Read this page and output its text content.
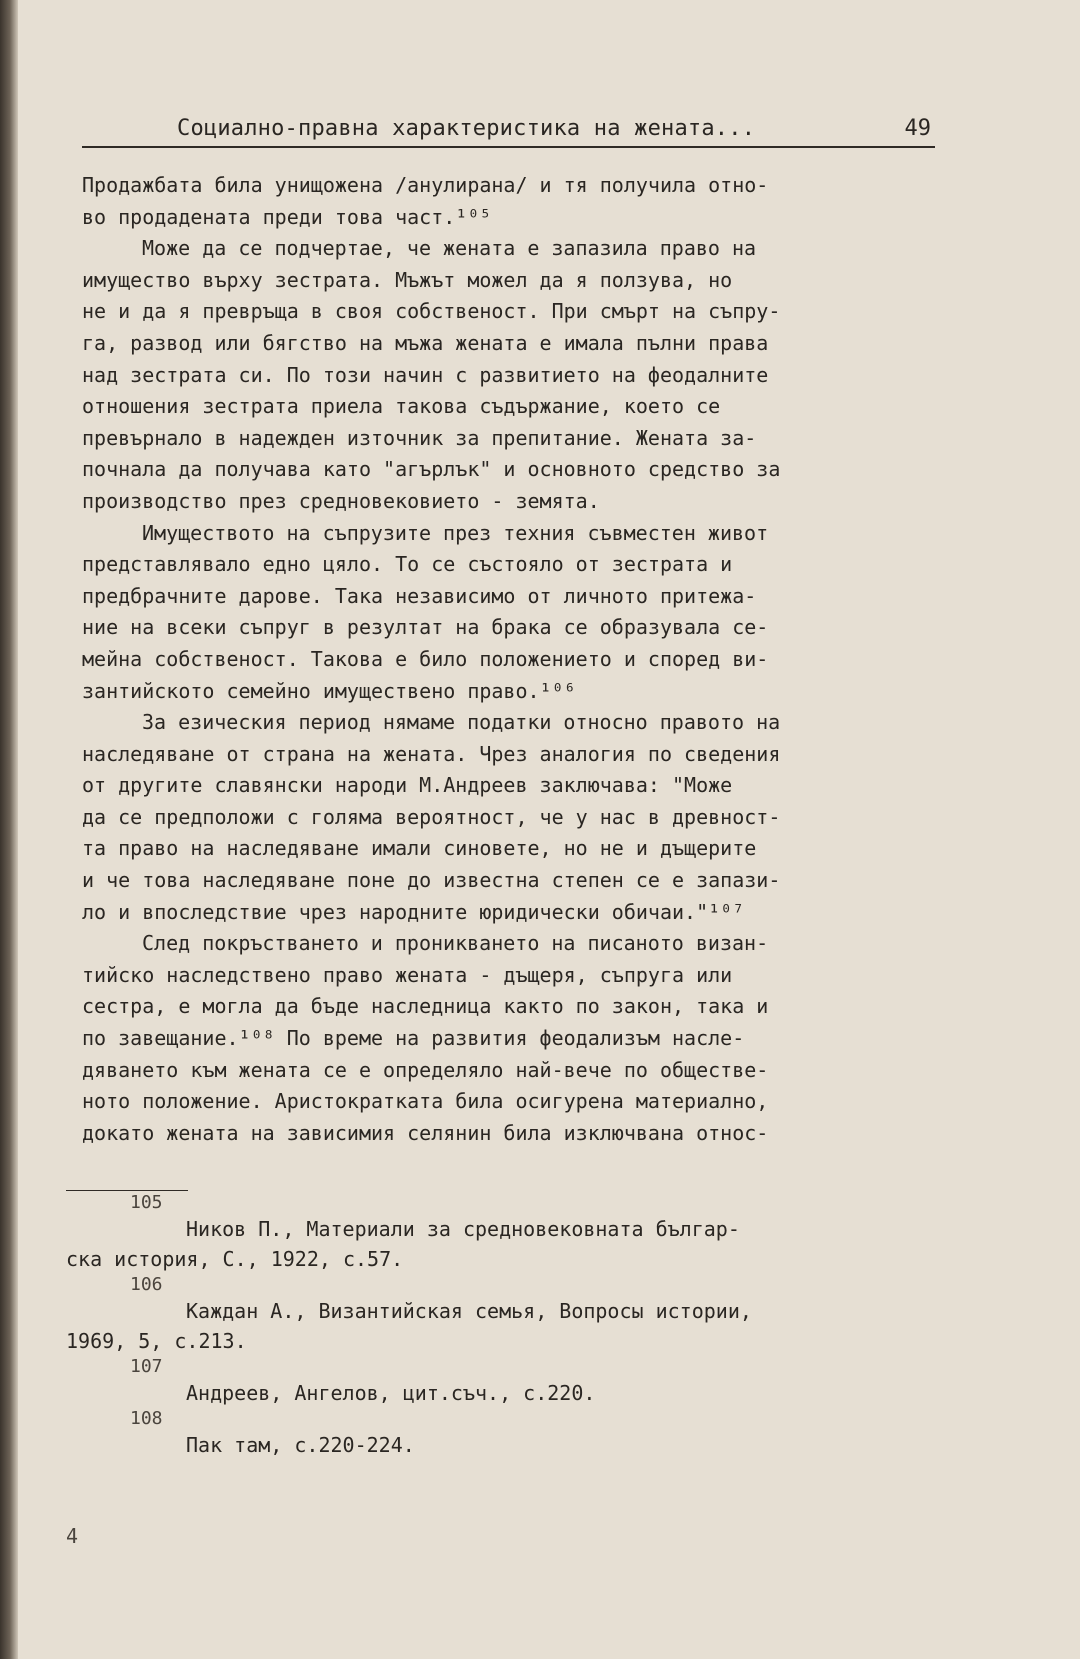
Социално-правна характеристика на жената...	49
Продажбата била унищожена /анулирана/ и тя получила отно-
во продадената преди това част.¹⁰⁵
Може да се подчертае, че жената е запазила право на
имущество върху зестрата. Мъжът можел да я ползува, но
не и да я превръща в своя собственост. При смърт на съпру-
га, развод или бягство на мъжа жената е имала пълни права
над зестрата си. По този начин с развитието на феодалните
отношения зестрата приела такова съдържание, което се
превърнало в надежден източник за препитание. Жената за-
почнала да получава като "агърлък" и основното средство за
производство през средновековието - земята.
Имуществото на съпрузите през техния съвместен живот
представлявало едно цяло. То се състояло от зестрата и
предбрачните дарове. Така независимо от личното притежа-
ние на всеки съпруг в резултат на брака се образувала се-
мейна собственост. Такова е било положението и според ви-
зантийското семейно имуществено право.¹⁰⁶
За езическия период нямаме податки относно правото на
наследяване от страна на жената. Чрез аналогия по сведения
от другите славянски народи М.Андреев заключава: "Може
да се предположи с голяма вероятност, че у нас в древност-
та право на наследяване имали синовете, но не и дъщерите
и че това наследяване поне до известна степен се е запази-
ло и впоследствие чрез народните юридически обичаи."¹⁰⁷
След покръстването и проникването на писаното визан-
тийско наследствено право жената - дъщеря, съпруга или
сестра, е могла да бъде наследница както по закон, така и
по завещание.¹⁰⁸ По време на развития феодализъм насле-
дяването към жената се е определяло най-вече по обществе-
ното положение. Аристократката била осигурена материално,
докато жената на зависимия селянин била изключвана относ-
105
Ников П., Материали за средновековната българ-
ска история, С., 1922, с.57.
106
Каждан А., Византийская семья, Вопросы истории,
1969, 5, с.213.
107
Андреев, Ангелов, цит.съч., с.220.
108
Пак там, с.220-224.
4
